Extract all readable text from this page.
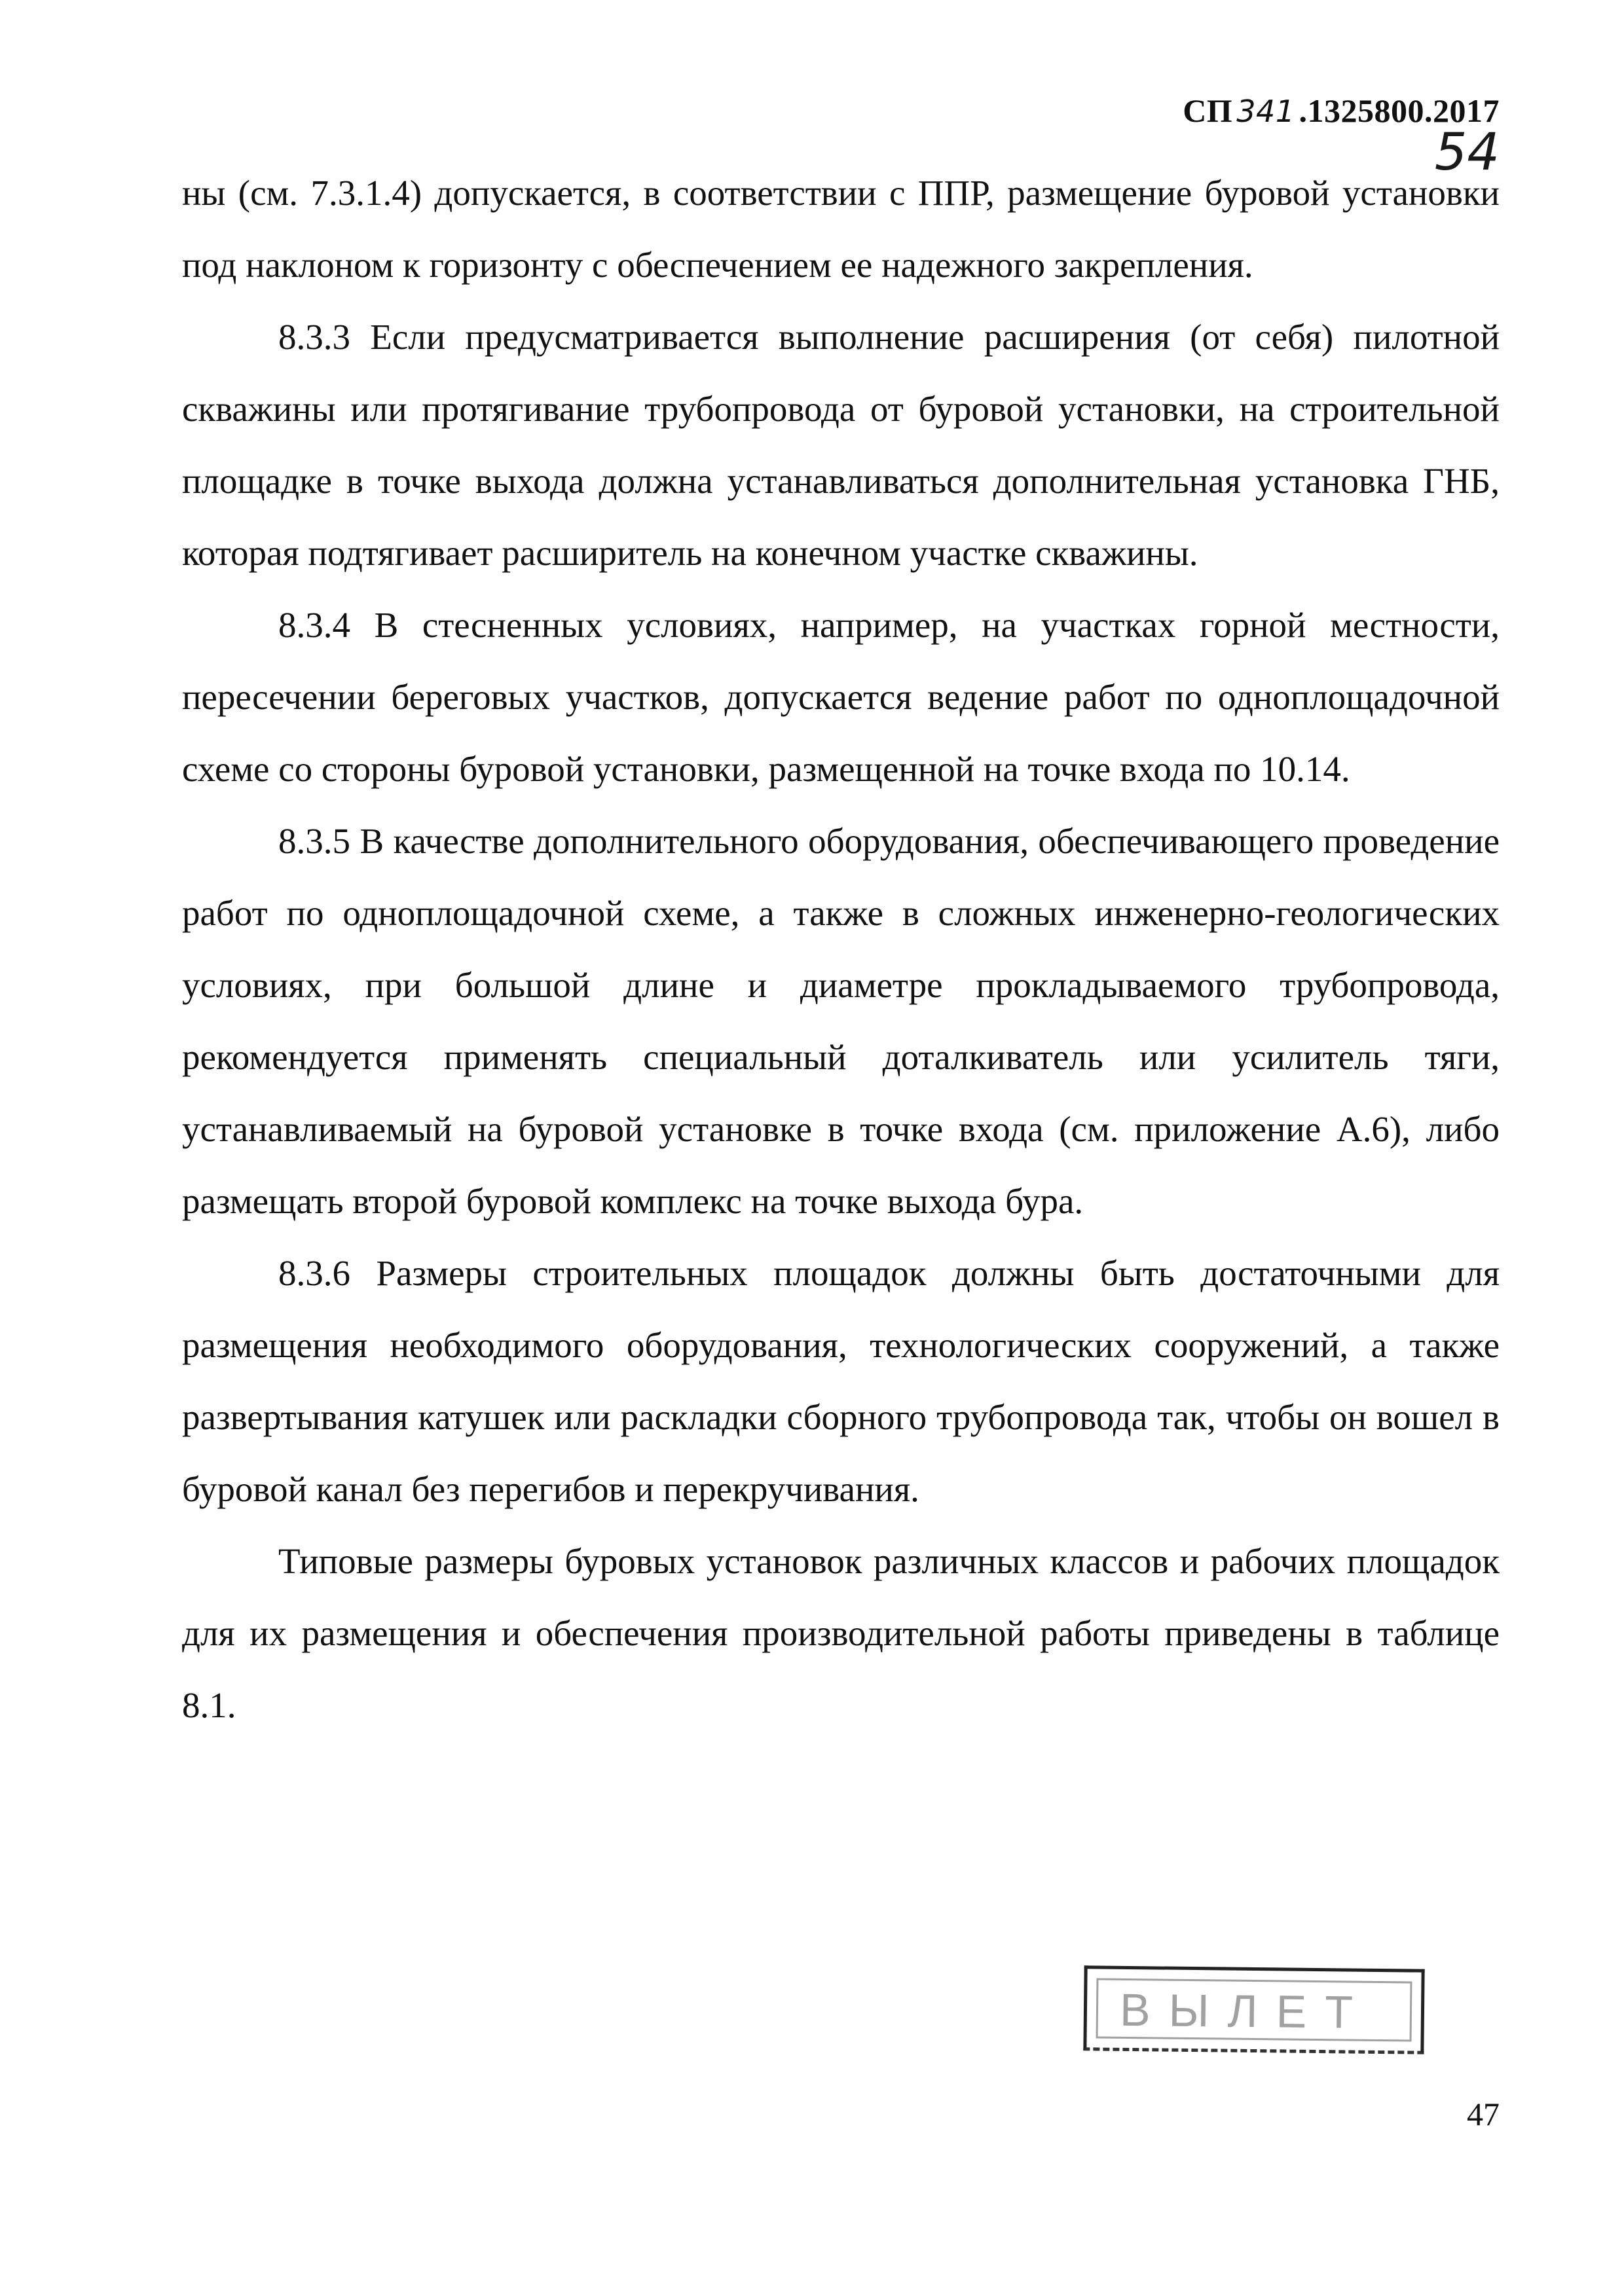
СП 341 .1325800.2017
54

ны (см. 7.3.1.4) допускается, в соответствии с ППР, размещение буровой установки под наклоном к горизонту с обеспечением ее надежного закрепления.

8.3.3 Если предусматривается выполнение расширения (от себя) пилотной скважины или протягивание трубопровода от буровой установки, на строительной площадке в точке выхода должна устанавливаться дополнительная установка ГНБ, которая подтягивает расширитель на конечном участке скважины.

8.3.4 В стесненных условиях, например, на участках горной местности, пересечении береговых участков, допускается ведение работ по одноплощадочной схеме со стороны буровой установки, размещенной на точке входа по 10.14.

8.3.5 В качестве дополнительного оборудования, обеспечивающего проведение работ по одноплощадочной схеме, а также в сложных инженерно-геологических условиях, при большой длине и диаметре прокладываемого трубопровода, рекомендуется применять специальный доталкиватель или усилитель тяги, устанавливаемый на буровой установке в точке входа (см. приложение А.6), либо размещать второй буровой комплекс на точке выхода бура.

8.3.6 Размеры строительных площадок должны быть достаточными для размещения необходимого оборудования, технологических сооружений, а также развертывания катушек или раскладки сборного трубопровода так, чтобы он вошел в буровой канал без перегибов и перекручивания.

Типовые размеры буровых установок различных классов и рабочих площадок для их размещения и обеспечения производительной работы приведены в таблице 8.1.

ВЫЛЕТ
47
